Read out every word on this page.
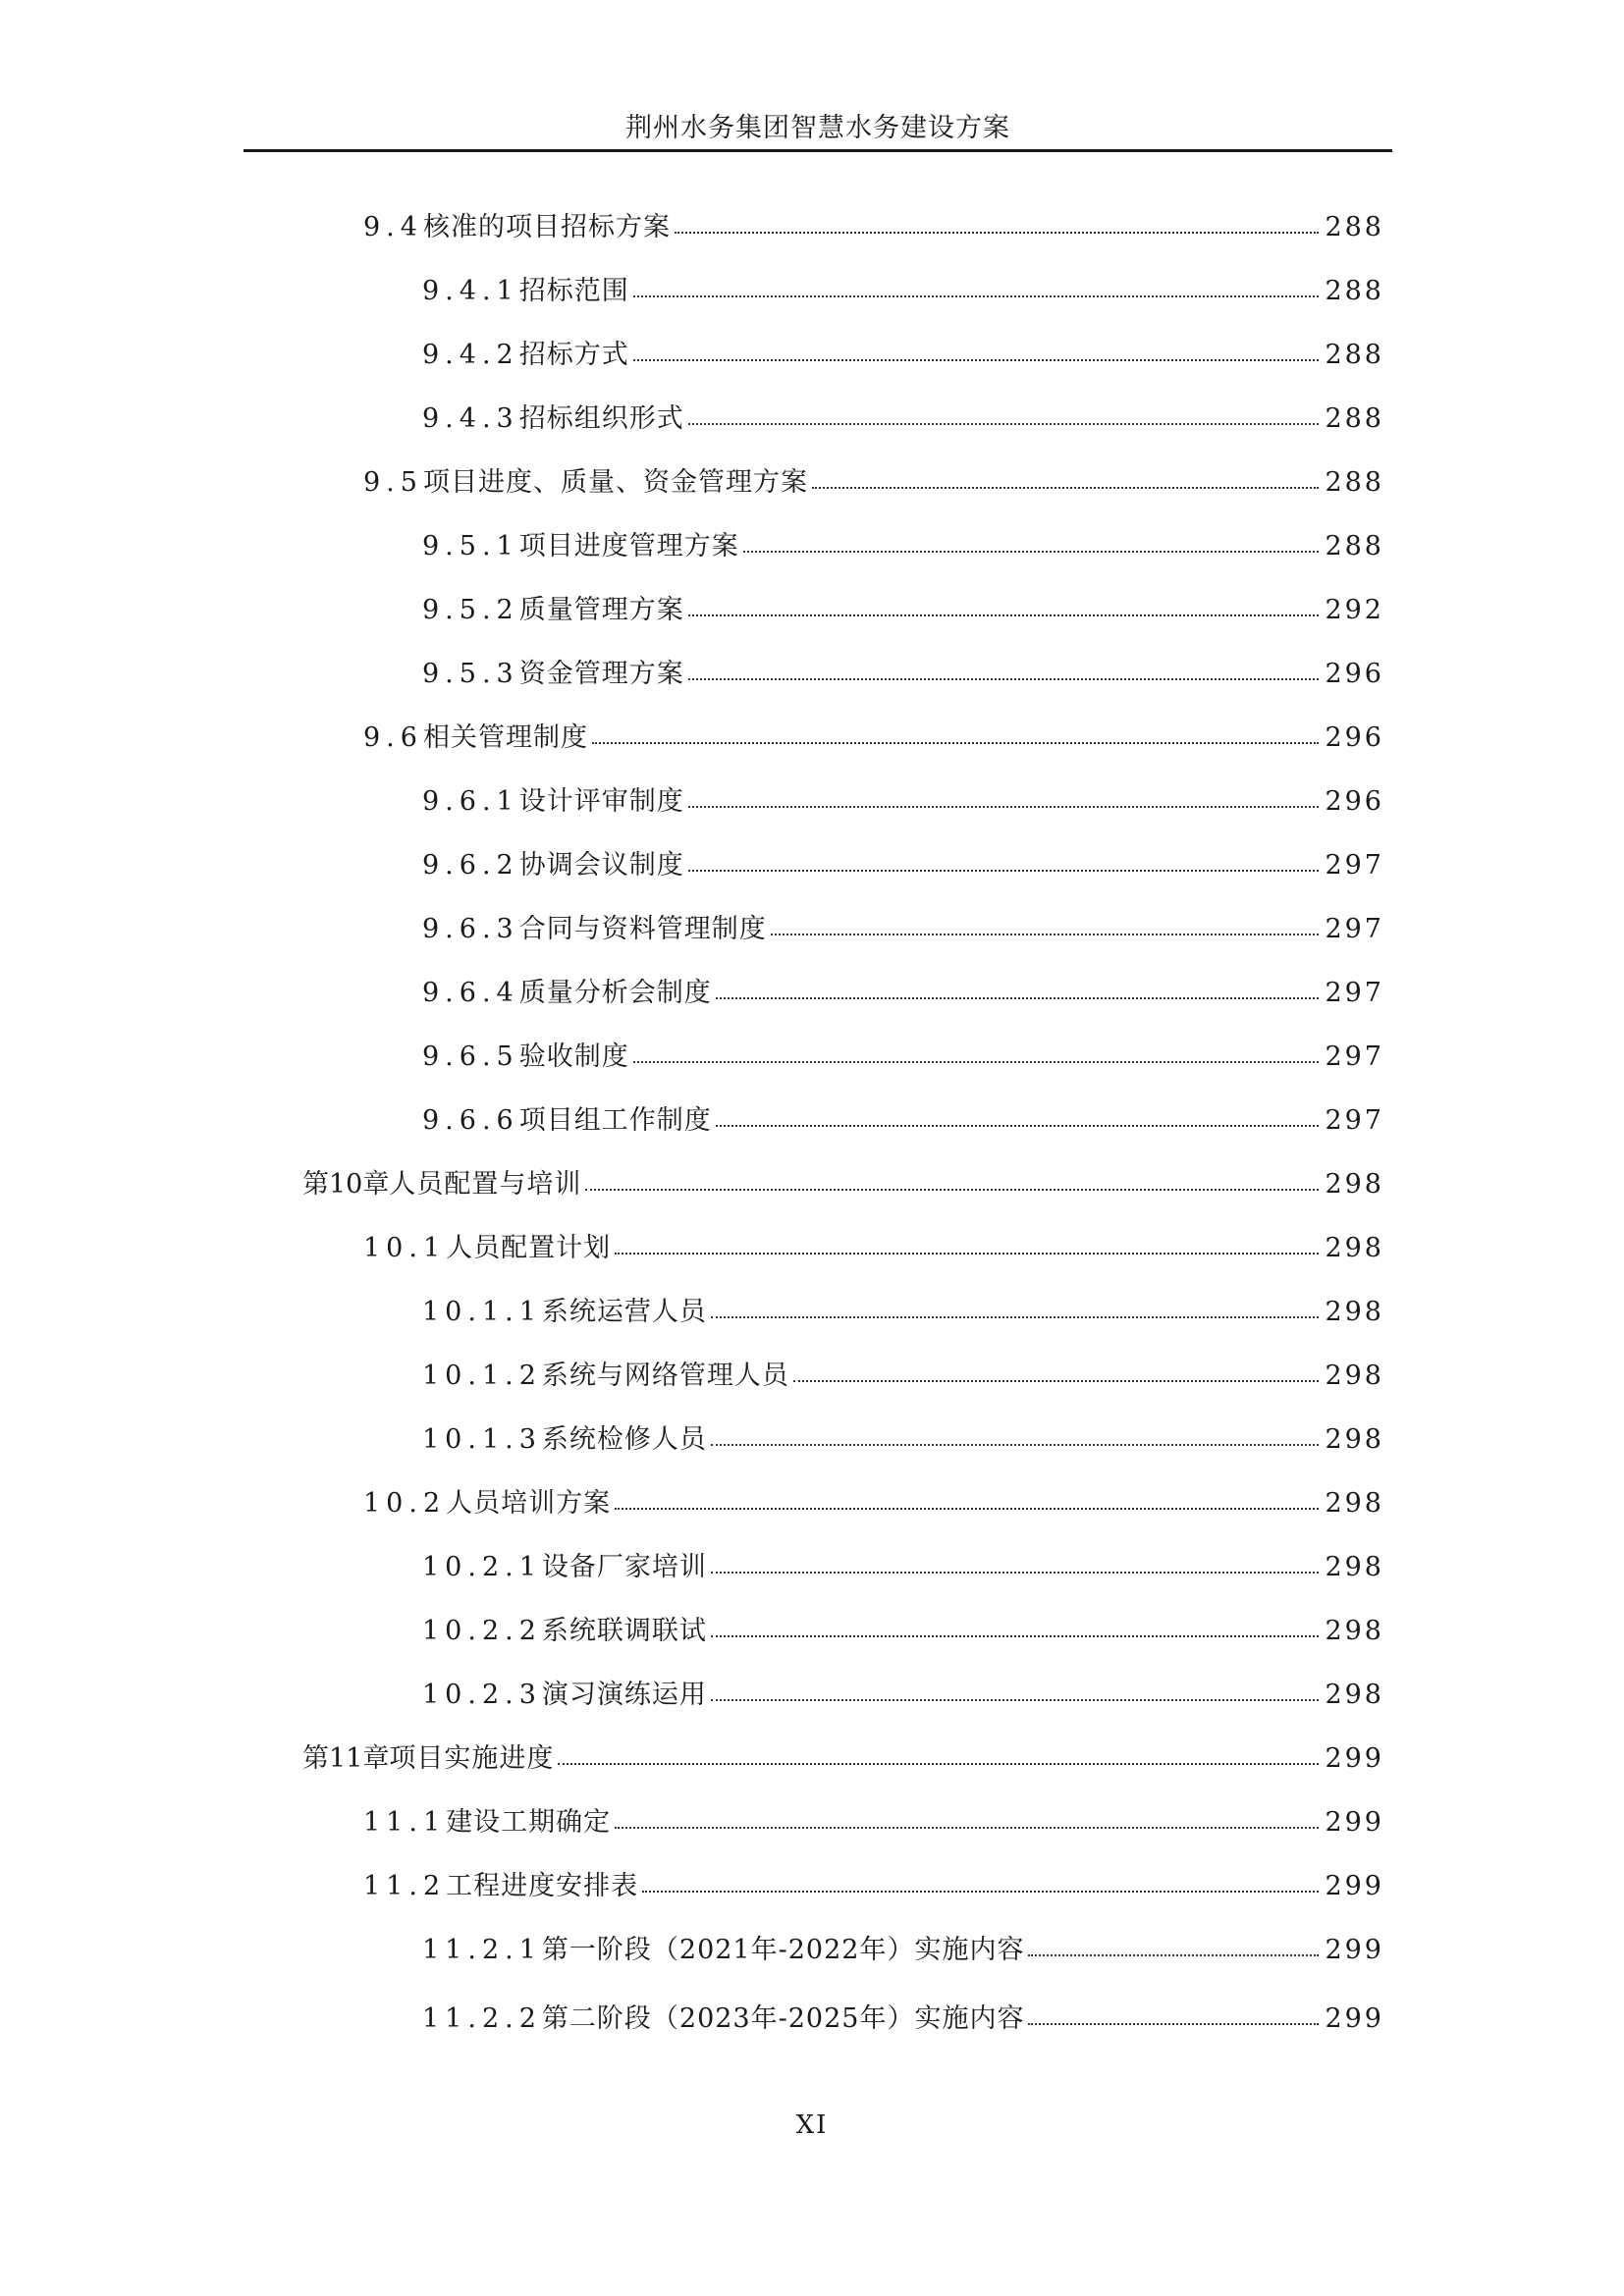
荆州水务集团智慧水务建设方案
9.4 核准的项目招标方案	288
9.4.1 招标范围	288
9.4.2 招标方式	288
9.4.3 招标组织形式	288
9.5 项目进度、质量、资金管理方案	288
9.5.1 项目进度管理方案	288
9.5.2 质量管理方案	292
9.5.3 资金管理方案	296
9.6 相关管理制度	296
9.6.1 设计评审制度	296
9.6.2 协调会议制度	297
9.6.3 合同与资料管理制度	297
9.6.4 质量分析会制度	297
9.6.5 验收制度	297
9.6.6 项目组工作制度	297
第10章 人员配置与培训	298
10.1 人员配置计划	298
10.1.1 系统运营人员	298
10.1.2 系统与网络管理人员	298
10.1.3 系统检修人员	298
10.2 人员培训方案	298
10.2.1 设备厂家培训	298
10.2.2 系统联调联试	298
10.2.3 演习演练运用	298
第11章 项目实施进度	299
11.1 建设工期确定	299
11.2 工程进度安排表	299
11.2.1 第一阶段（2021年-2022年）实施内容	299
11.2.2 第二阶段（2023年-2025年）实施内容	299
XI
